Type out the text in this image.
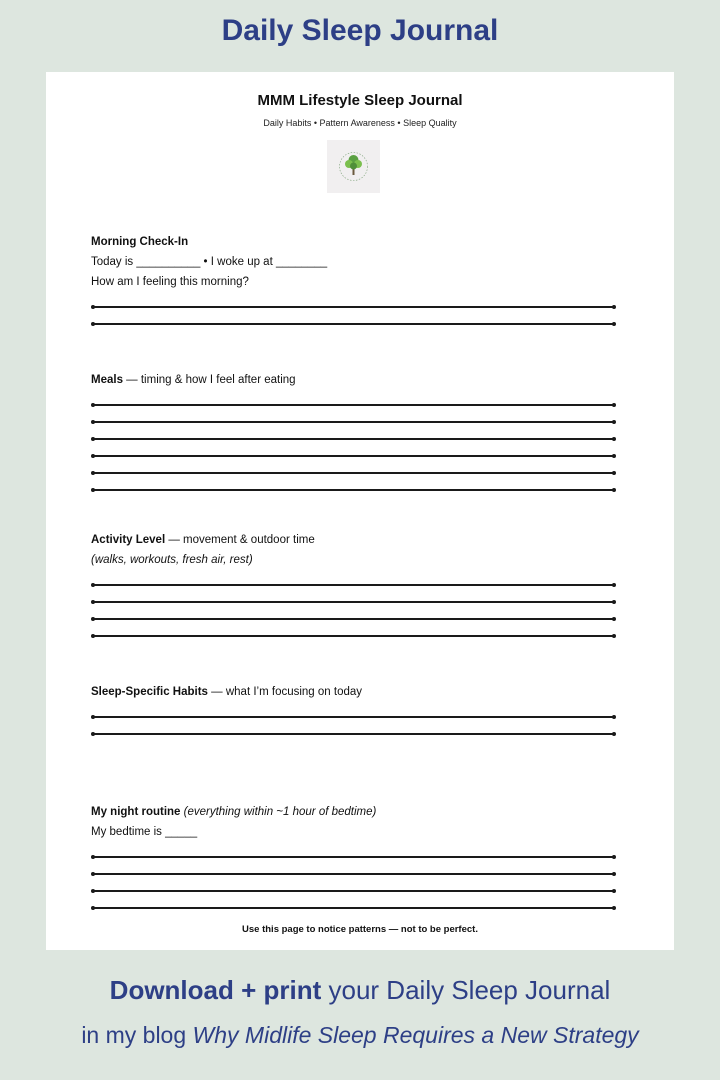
Daily Sleep Journal
MMM Lifestyle Sleep Journal
Daily Habits • Pattern Awareness • Sleep Quality
Morning Check-In
Today is __________ • I woke up at ________
How am I feeling this morning?
Meals — timing & how I feel after eating
Activity Level — movement & outdoor time
(walks, workouts, fresh air, rest)
Sleep-Specific Habits — what I’m focusing on today
My night routine (everything within ~1 hour of bedtime)
My bedtime is _____
Use this page to notice patterns — not to be perfect.
Download + print your Daily Sleep Journal
in my blog Why Midlife Sleep Requires a New Strategy
